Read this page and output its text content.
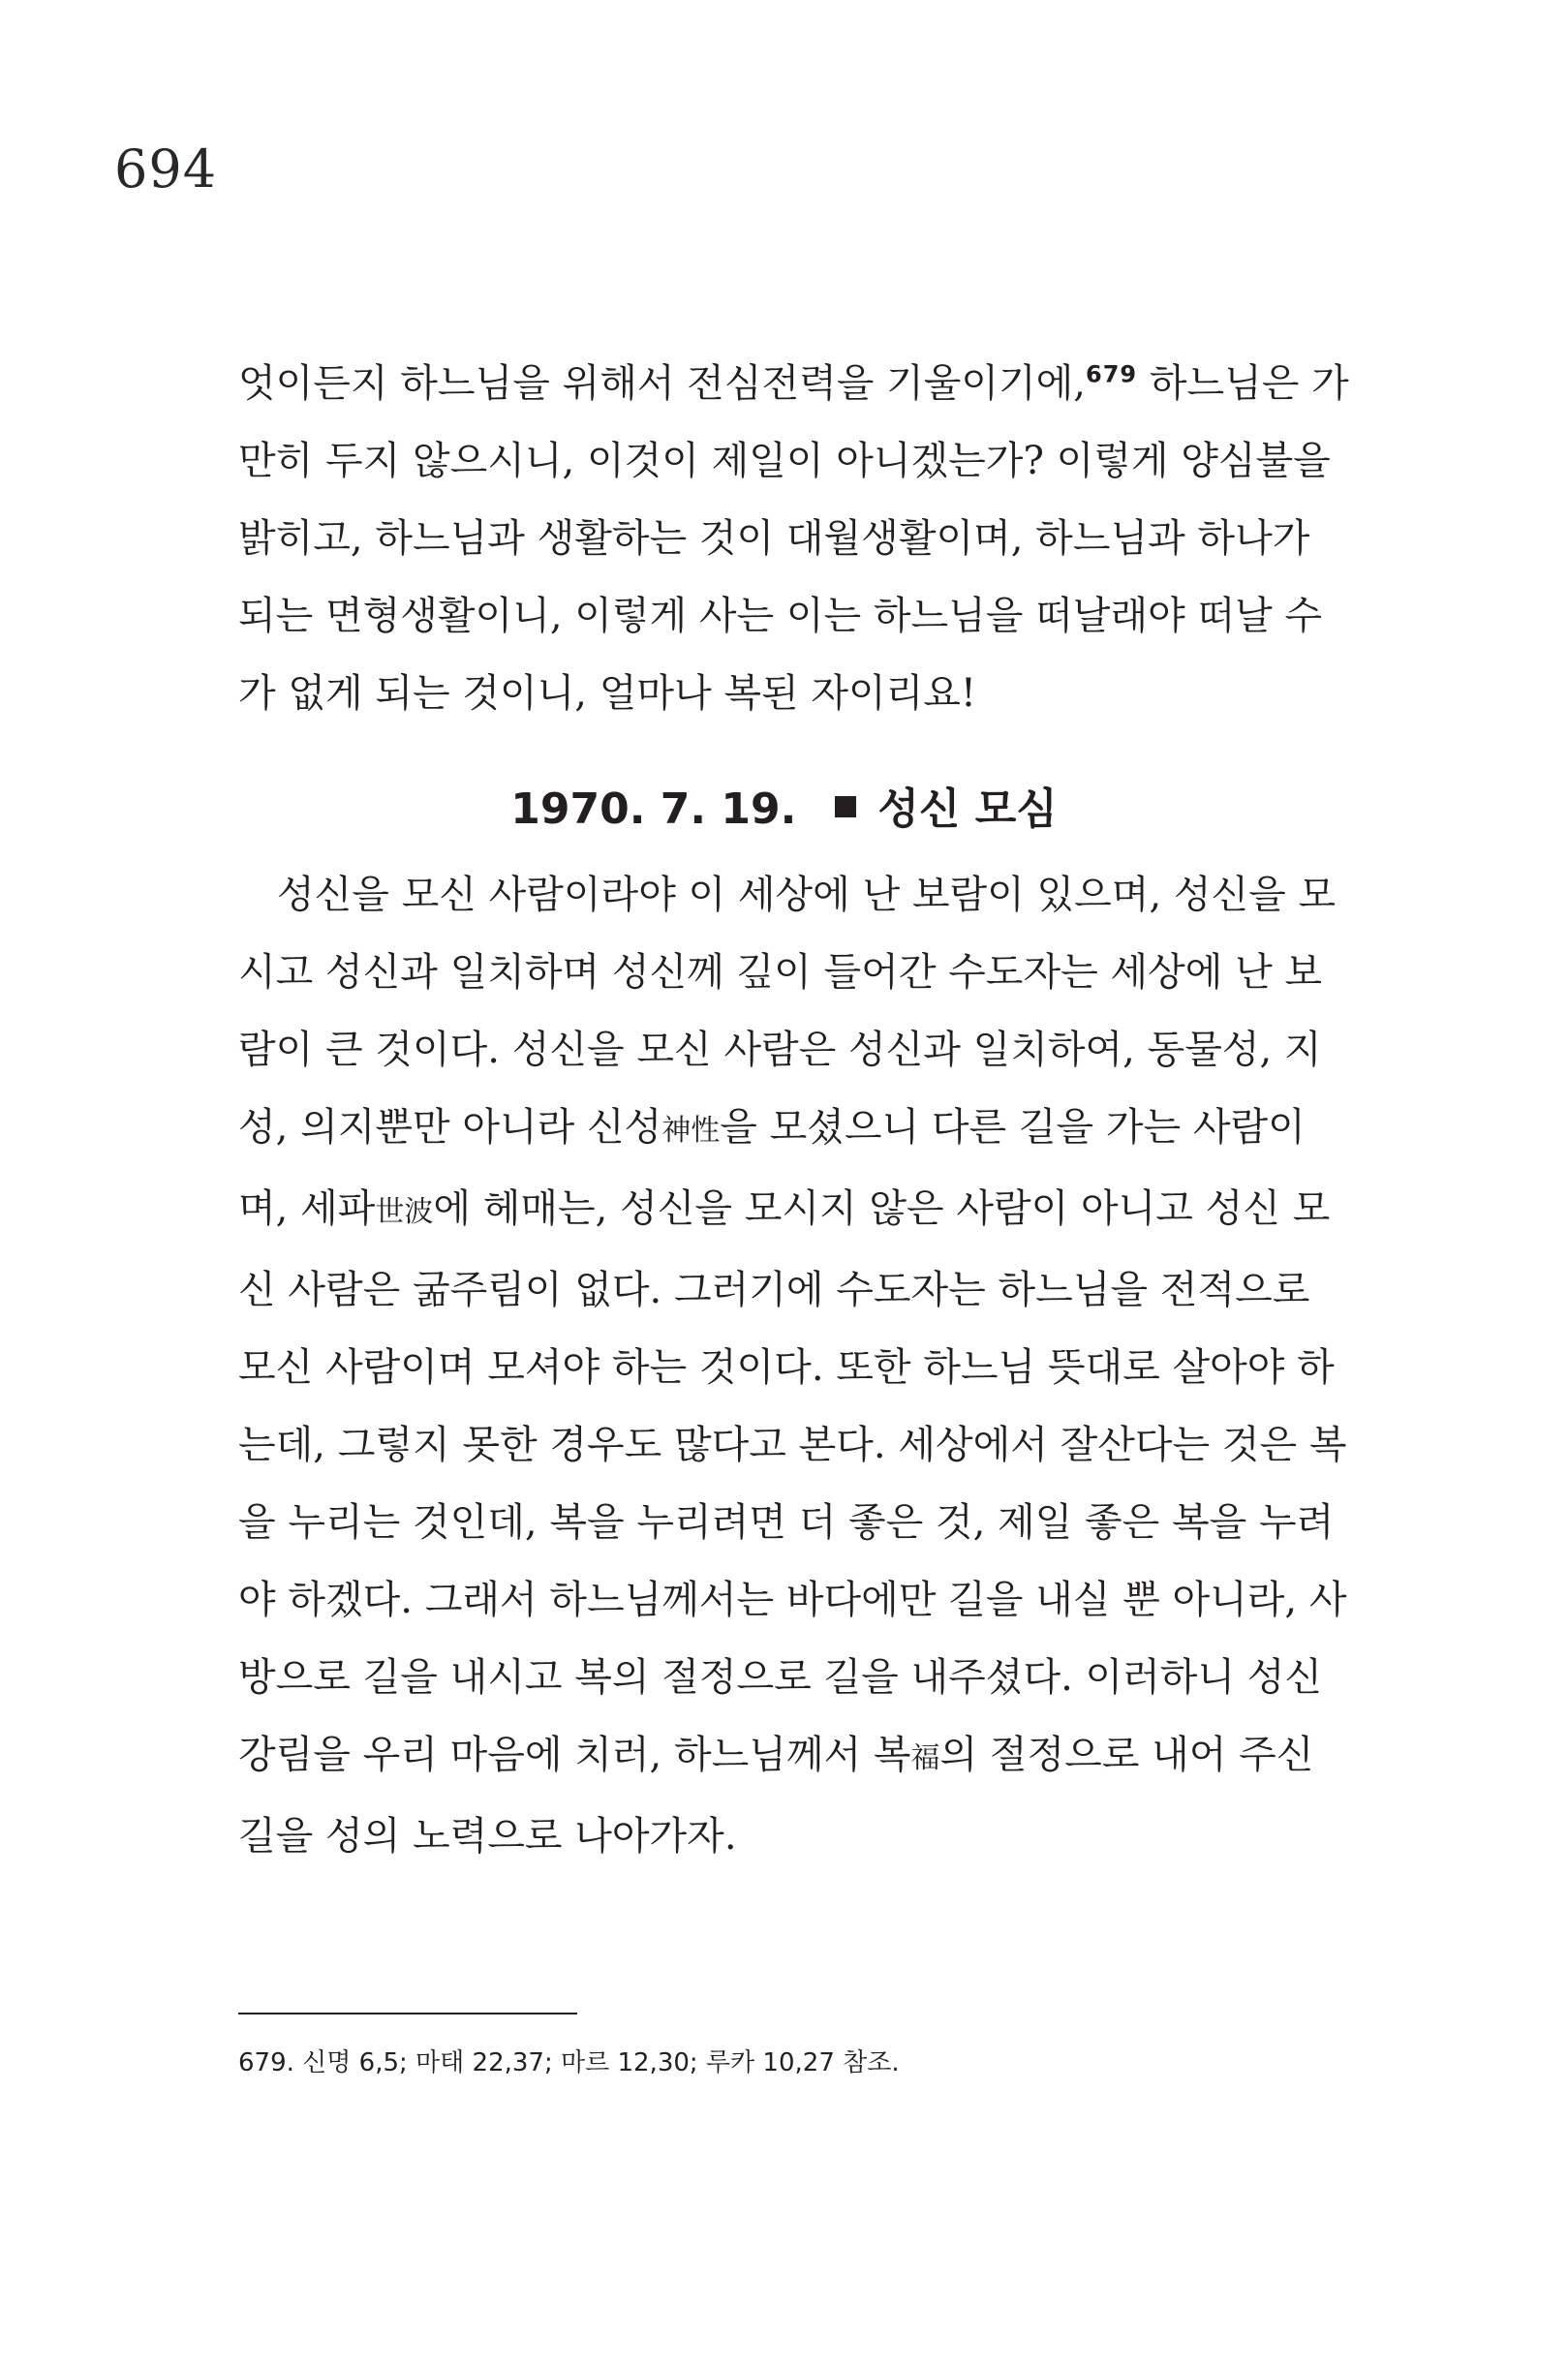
694
엇이든지 하느님을 위해서 전심전력을 기울이기에,$^{679}$ 하느님은 가
만히 두지 않으시니, 이것이 제일이 아니겠는가? 이렇게 양심불을
밝히고, 하느님과 생활하는 것이 대월생활이며, 하느님과 하나가
되는 면형생활이니, 이렇게 사는 이는 하느님을 떠날래야 떠날 수
가 없게 되는 것이니, 얼마나 복된 자이리요!
1970. 7. 19. 성신 모심
성신을 모신 사람이라야 이 세상에 난 보람이 있으며, 성신을 모
시고 성신과 일치하며 성신께 깊이 들어간 수도자는 세상에 난 보
람이 큰 것이다. 성신을 모신 사람은 성신과 일치하여, 동물성, 지
성, 의지뿐만 아니라 신성神性을 모셨으니 다른 길을 가는 사람이
며, 세파世波에 헤매는, 성신을 모시지 않은 사람이 아니고 성신 모
신 사람은 굶주림이 없다. 그러기에 수도자는 하느님을 전적으로
모신 사람이며 모셔야 하는 것이다. 또한 하느님 뜻대로 살아야 하
는데, 그렇지 못한 경우도 많다고 본다. 세상에서 잘산다는 것은 복
을 누리는 것인데, 복을 누리려면 더 좋은 것, 제일 좋은 복을 누려
야 하겠다. 그래서 하느님께서는 바다에만 길을 내실 뿐 아니라, 사
방으로 길을 내시고 복의 절정으로 길을 내주셨다. 이러하니 성신
강림을 우리 마음에 치러, 하느님께서 복福의 절정으로 내어 주신
길을 성의 노력으로 나아가자.
679. 신명 6,5; 마태 22,37; 마르 12,30; 루카 10,27 참조.
